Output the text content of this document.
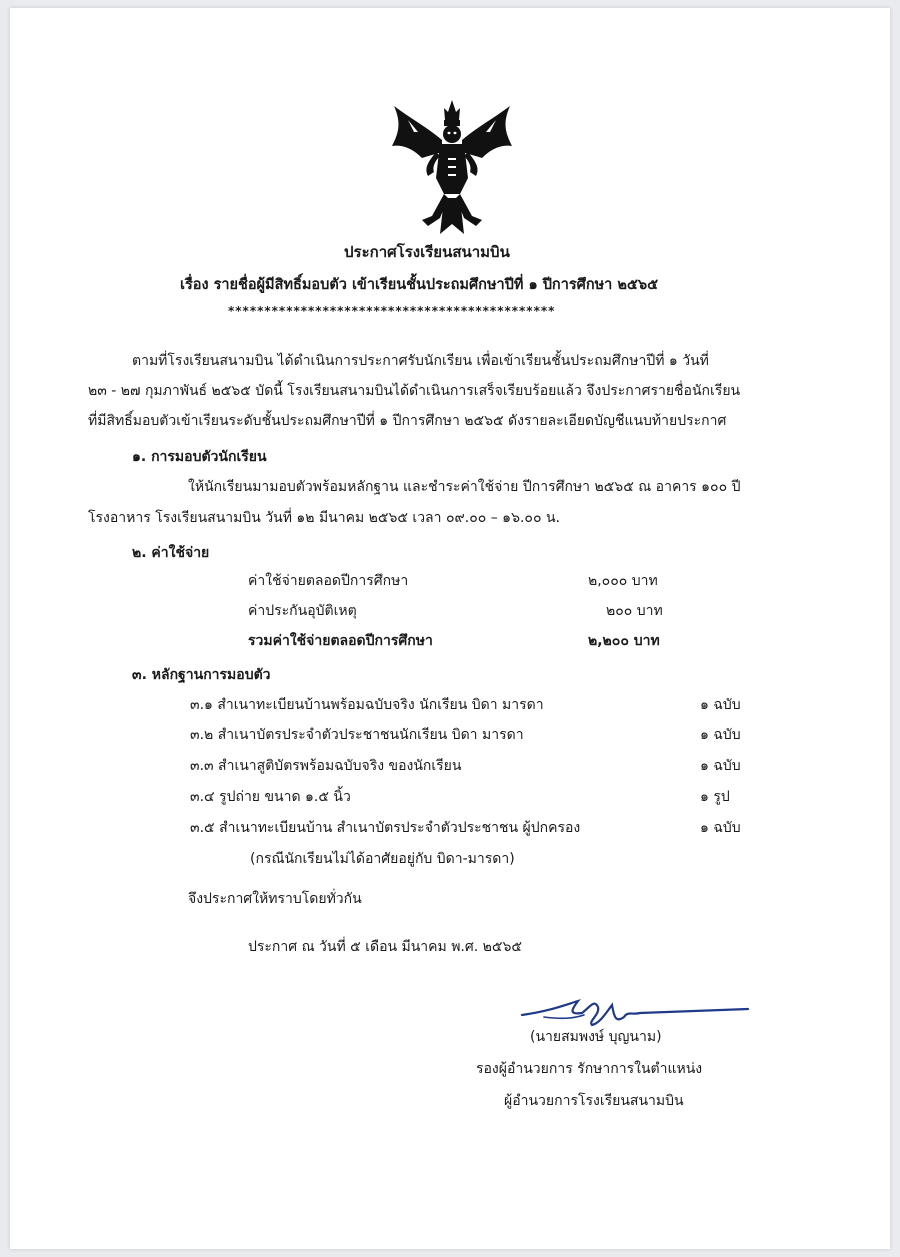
ประกาศโรงเรียนสนามบิน
เรื่อง รายชื่อผู้มีสิทธิ์มอบตัว เข้าเรียนชั้นประถมศึกษาปีที่ ๑ ปีการศึกษา ๒๕๖๕
*********************************************
ตามที่โรงเรียนสนามบิน ได้ดำเนินการประกาศรับนักเรียน เพื่อเข้าเรียนชั้นประถมศึกษาปีที่ ๑ วันที่
๒๓ - ๒๗ กุมภาพันธ์ ๒๕๖๕ บัดนี้ โรงเรียนสนามบินได้ดำเนินการเสร็จเรียบร้อยแล้ว จึงประกาศรายชื่อนักเรียน
ที่มีสิทธิ์มอบตัวเข้าเรียนระดับชั้นประถมศึกษาปีที่ ๑ ปีการศึกษา ๒๕๖๕ ดังรายละเอียดบัญชีแนบท้ายประกาศ
๑. การมอบตัวนักเรียน
ให้นักเรียนมามอบตัวพร้อมหลักฐาน และชำระค่าใช้จ่าย ปีการศึกษา ๒๕๖๕ ณ อาคาร ๑๐๐ ปี
โรงอาหาร โรงเรียนสนามบิน วันที่ ๑๒ มีนาคม ๒๕๖๕ เวลา ๐๙.๐๐ – ๑๖.๐๐ น.
๒. ค่าใช้จ่าย
ค่าใช้จ่ายตลอดปีการศึกษา	๒,๐๐๐ บาท
ค่าประกันอุบัติเหตุ	๒๐๐ บาท
รวมค่าใช้จ่ายตลอดปีการศึกษา	๒,๒๐๐ บาท
๓. หลักฐานการมอบตัว
๓.๑ สำเนาทะเบียนบ้านพร้อมฉบับจริง นักเรียน บิดา มารดา	๑ ฉบับ
๓.๒ สำเนาบัตรประจำตัวประชาชนนักเรียน บิดา มารดา	๑ ฉบับ
๓.๓ สำเนาสูติบัตรพร้อมฉบับจริง ของนักเรียน	๑ ฉบับ
๓.๔ รูปถ่าย ขนาด ๑.๕ นิ้ว	๑ รูป
๓.๕ สำเนาทะเบียนบ้าน สำเนาบัตรประจำตัวประชาชน ผู้ปกครอง	๑ ฉบับ
(กรณีนักเรียนไม่ได้อาศัยอยู่กับ บิดา-มารดา)
จึงประกาศให้ทราบโดยทั่วกัน
ประกาศ ณ วันที่ ๕ เดือน มีนาคม พ.ศ. ๒๕๖๕
(นายสมพงษ์ บุญนาม)
รองผู้อำนวยการ รักษาการในตำแหน่ง
ผู้อำนวยการโรงเรียนสนามบิน
